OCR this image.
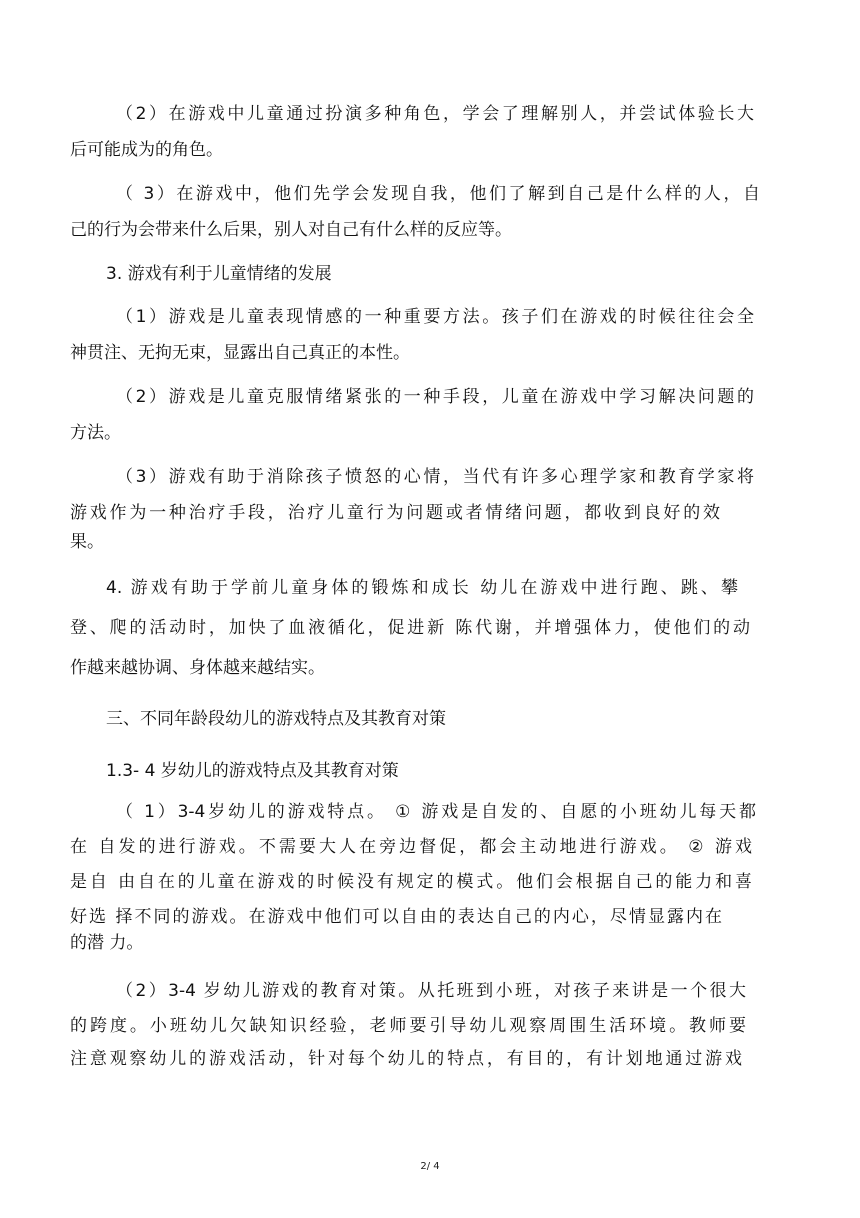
（2）在游戏中儿童通过扮演多种角色，学会了理解别人，并尝试体验长大
后可能成为的角色。
（ 3）在游戏中，他们先学会发现自我，他们了解到自己是什么样的人，自
己的行为会带来什么后果，别人对自己有什么样的反应等。
3. 游戏有利于儿童情绪的发展
（1）游戏是儿童表现情感的一种重要方法。孩子们在游戏的时候往往会全
神贯注、无拘无束，显露出自己真正的本性。
（2）游戏是儿童克服情绪紧张的一种手段，儿童在游戏中学习解决问题的
方法。
（3）游戏有助于消除孩子愤怒的心情，当代有许多心理学家和教育学家将
游戏作为一种治疗手段，治疗儿童行为问题或者情绪问题，都收到良好的效
果。
4. 游戏有助于学前儿童身体的锻炼和成长 幼儿在游戏中进行跑、跳、攀
登、爬的活动时，加快了血液循化，促进新 陈代谢，并增强体力，使他们的动
作越来越协调、身体越来越结实。
三、不同年龄段幼儿的游戏特点及其教育对策
1.3- 4 岁幼儿的游戏特点及其教育对策
（ 1）3-4岁幼儿的游戏特点。 ① 游戏是自发的、自愿的小班幼儿每天都
在 自发的进行游戏。不需要大人在旁边督促，都会主动地进行游戏。 ② 游戏
是自 由自在的儿童在游戏的时候没有规定的模式。他们会根据自己的能力和喜
好选 择不同的游戏。在游戏中他们可以自由的表达自己的内心，尽情显露内在
的潜 力。
（2）3-4 岁幼儿游戏的教育对策。从托班到小班，对孩子来讲是一个很大
的跨度。小班幼儿欠缺知识经验，老师要引导幼儿观察周围生活环境。教师要
注意观察幼儿的游戏活动，针对每个幼儿的特点，有目的，有计划地通过游戏
2/ 4
